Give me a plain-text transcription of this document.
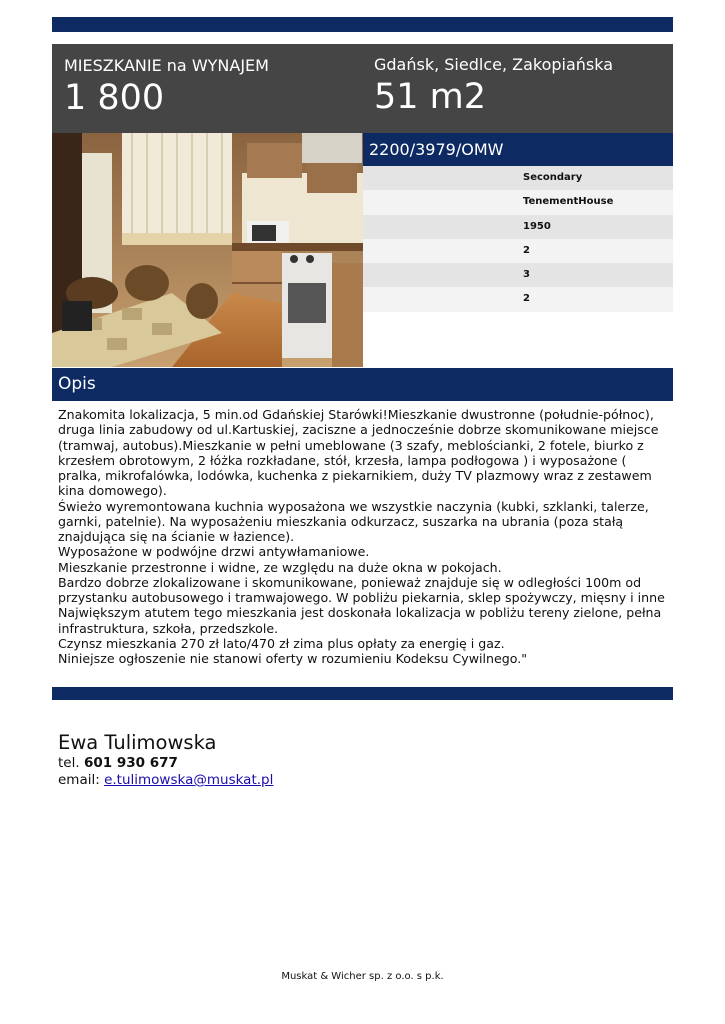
MIESZKANIE na WYNAJEM
1 800
Gdańsk, Siedlce, Zakopiańska
51 m2
2200/3979/OMW
Secondary
TenementHouse
1950
2
3
2
Opis

Znakomita lokalizacja, 5 min.od Gdańskiej Starówki!Mieszkanie dwustronne (południe-północ), druga linia zabudowy od ul.Kartuskiej, zaciszne a jednocześnie dobrze skomunikowane miejsce (tramwaj, autobus).Mieszkanie w pełni umeblowane (3 szafy, meblościanki, 2 fotele, biurko z krzesłem obrotowym, 2 łóżka rozkładane, stół, krzesła, lampa podłogowa ) i wyposażone ( pralka, mikrofalówka, lodówka, kuchenka z piekarnikiem, duży TV plazmowy wraz z zestawem kina domowego).

Świeżo wyremontowana kuchnia wyposażona we wszystkie naczynia (kubki, szklanki, talerze, garnki, patelnie). Na wyposażeniu mieszkania odkurzacz, suszarka na ubrania (poza stałą znajdująca się na ścianie w łazience).

Wyposażone w podwójne drzwi antywłamaniowe.

Mieszkanie przestronne i widne, ze względu na duże okna w pokojach.

Bardzo dobrze zlokalizowane i skomunikowane, ponieważ znajduje się w odległości 100m od przystanku autobusowego i tramwajowego. W pobliżu piekarnia, sklep spożywczy, mięsny i inne Największym atutem tego mieszkania jest doskonała lokalizacja w pobliżu tereny zielone, pełna infrastruktura, szkoła, przedszkole.

Czynsz mieszkania 270 zł lato/470 zł zima plus opłaty za energię i gaz.

Niniejsze ogłoszenie nie stanowi oferty w rozumieniu Kodeksu Cywilnego."

Ewa Tulimowska
tel. 601 930 677
email: e.tulimowska@muskat.pl
Muskat & Wicher sp. z o.o. s p.k.
